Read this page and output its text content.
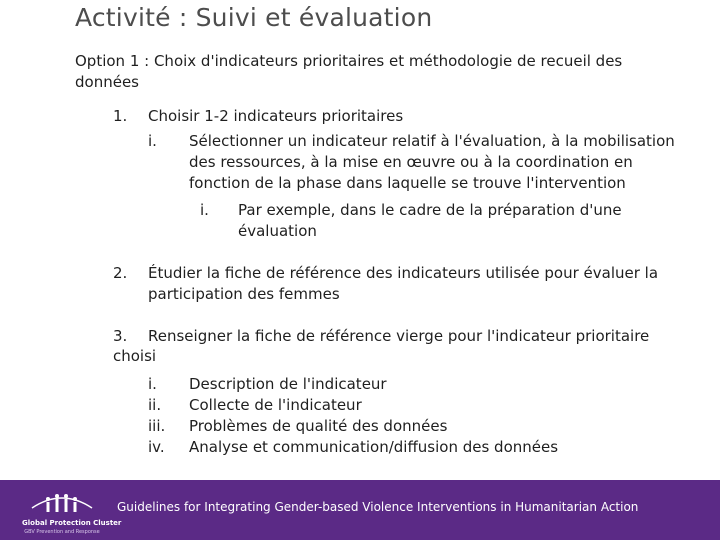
Activité : Suivi et évaluation
Option 1 : Choix d'indicateurs prioritaires et méthodologie de recueil des
données
1. Choisir 1-2 indicateurs prioritaires
i. Sélectionner un indicateur relatif à l'évaluation, à la mobilisation
des ressources, à la mise en œuvre ou à la coordination en
fonction de la phase dans laquelle se trouve l'intervention
i. Par exemple, dans le cadre de la préparation d'une
évaluation
2. Étudier la fiche de référence des indicateurs utilisée pour évaluer la
participation des femmes
3. Renseigner la fiche de référence vierge pour l'indicateur prioritaire
choisi
i. Description de l'indicateur
ii. Collecte de l'indicateur
iii. Problèmes de qualité des données
iv. Analyse et communication/diffusion des données
Global Protection Cluster
GBV Prevention and Response
Guidelines for Integrating Gender-based Violence Interventions in Humanitarian Action
